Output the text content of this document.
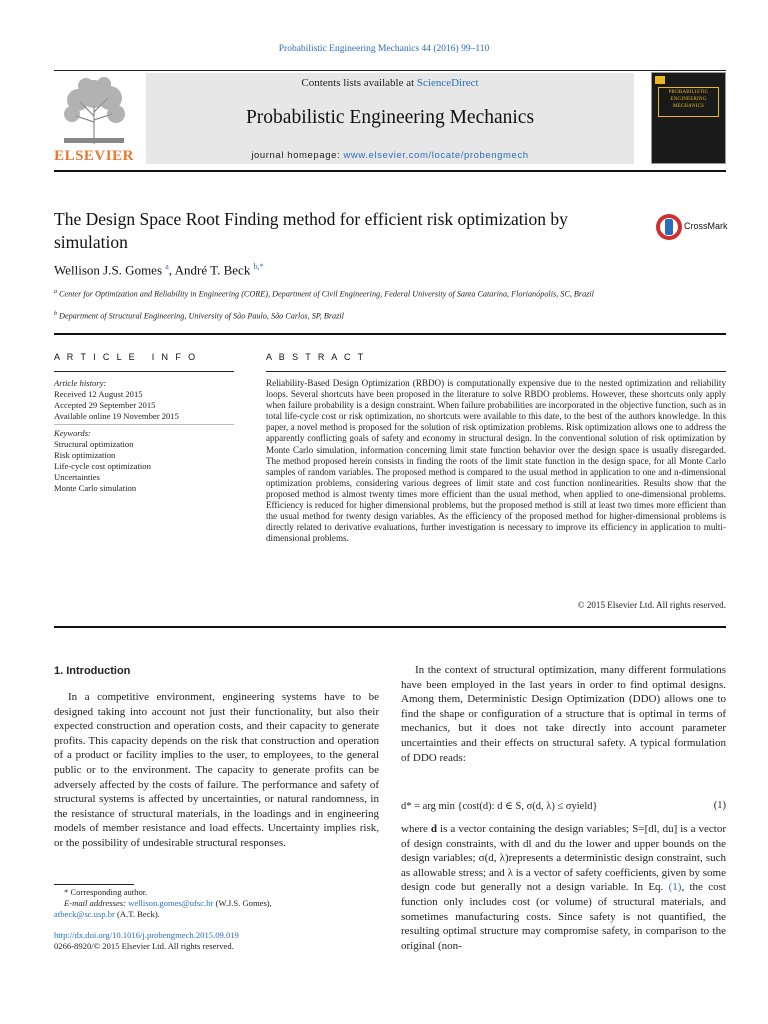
Probabilistic Engineering Mechanics 44 (2016) 99–110
ELSEVIER
Contents lists available at ScienceDirect
Probabilistic Engineering Mechanics
journal homepage: www.elsevier.com/locate/probengmech
PROBABILISTIC ENGINEERING MECHANICS
The Design Space Root Finding method for efficient risk optimization by simulation
CrossMark
Wellison J.S. Gomes $^a$, André T. Beck $^{b,*}$
$^a$ Center for Optimization and Reliability in Engineering (CORE), Department of Civil Engineering, Federal University of Santa Catarina, Florianópolis, SC, Brazil
$^b$ Department of Structural Engineering, University of São Paulo, São Carlos, SP, Brazil
A R T I C L E   I N F O
Article history:
Received 12 August 2015
Accepted 29 September 2015
Available online 19 November 2015
Keywords:
Structural optimization
Risk optimization
Life-cycle cost optimization
Uncertainties
Monte Carlo simulation
A B S T R A C T
Reliability-Based Design Optimization (RBDO) is computationally expensive due to the nested optimization and reliability loops. Several shortcuts have been proposed in the literature to solve RBDO problems. However, these shortcuts only apply when failure probability is a design constraint. When failure probabilities are incorporated in the objective function, such as in total life-cycle cost or risk optimization, no shortcuts were available to this date, to the best of the authors knowledge. In this paper, a novel method is proposed for the solution of risk optimization problems. Risk optimization allows one to address the apparently conflicting goals of safety and economy in structural design. In the conventional solution of risk optimization by Monte Carlo simulation, information concerning limit state function behavior over the design space is usually disregarded. The method proposed herein consists in finding the roots of the limit state function in the design space, for all Monte Carlo samples of random variables. The proposed method is compared to the usual method in application to one and n-dimensional optimization problems, considering various degrees of limit state and cost function nonlinearities. Results show that the proposed method is almost twenty times more efficient than the usual method, when applied to one-dimensional problems. Efficiency is reduced for higher dimensional problems, but the proposed method is still at least two times more efficient than the usual method for twenty design variables. As the efficiency of the proposed method for higher-dimensional problems is directly related to derivative evaluations, further investigation is necessary to improve its efficiency in application to multi-dimensional problems.
© 2015 Elsevier Ltd. All rights reserved.
1. Introduction
In a competitive environment, engineering systems have to be designed taking into account not just their functionality, but also their expected construction and operation costs, and their capacity to generate profits. This capacity depends on the risk that construction and operation of a product or facility implies to the user, to employees, to the general public or to the environment. The capacity to generate profits can be adversely affected by the costs of failure. The performance and safety of structural systems is affected by uncertainties, or natural randomness, in the resistance of structural materials, in the loadings and in engineering models of member resistance and load effects. Uncertainty implies risk, or the possibility of undesirable structural responses.
In the context of structural optimization, many different formulations have been employed in the last years in order to find optimal designs. Among them, Deterministic Design Optimization (DDO) allows one to find the shape or configuration of a structure that is optimal in terms of mechanics, but it does not take directly into account parameter uncertainties and their effects on structural safety. A typical formulation of DDO reads:
d* = arg min {cost(d): d ∈ S, σ(d, λ) ≤ σyield}	(1)
where d is a vector containing the design variables; S=[dl, du] is a vector of design constraints, with dl and du the lower and upper bounds on the design variables; σ(d, λ)represents a deterministic design constraint, such as allowable stress; and λ is a vector of safety coefficients, given by some design code but generally not a design variable. In Eq. (1), the cost function only includes cost (or volume) of structural materials, and sometimes manufacturing costs. Since safety is not quantified, the resulting optimal structure may compromise safety, in comparison to the original (non-
* Corresponding author.
E-mail addresses: wellison.gomes@ufsc.br (W.J.S. Gomes),
atbeck@sc.usp.br (A.T. Beck).
http://dx.doi.org/10.1016/j.probengmech.2015.09.019
0266-8920/© 2015 Elsevier Ltd. All rights reserved.
